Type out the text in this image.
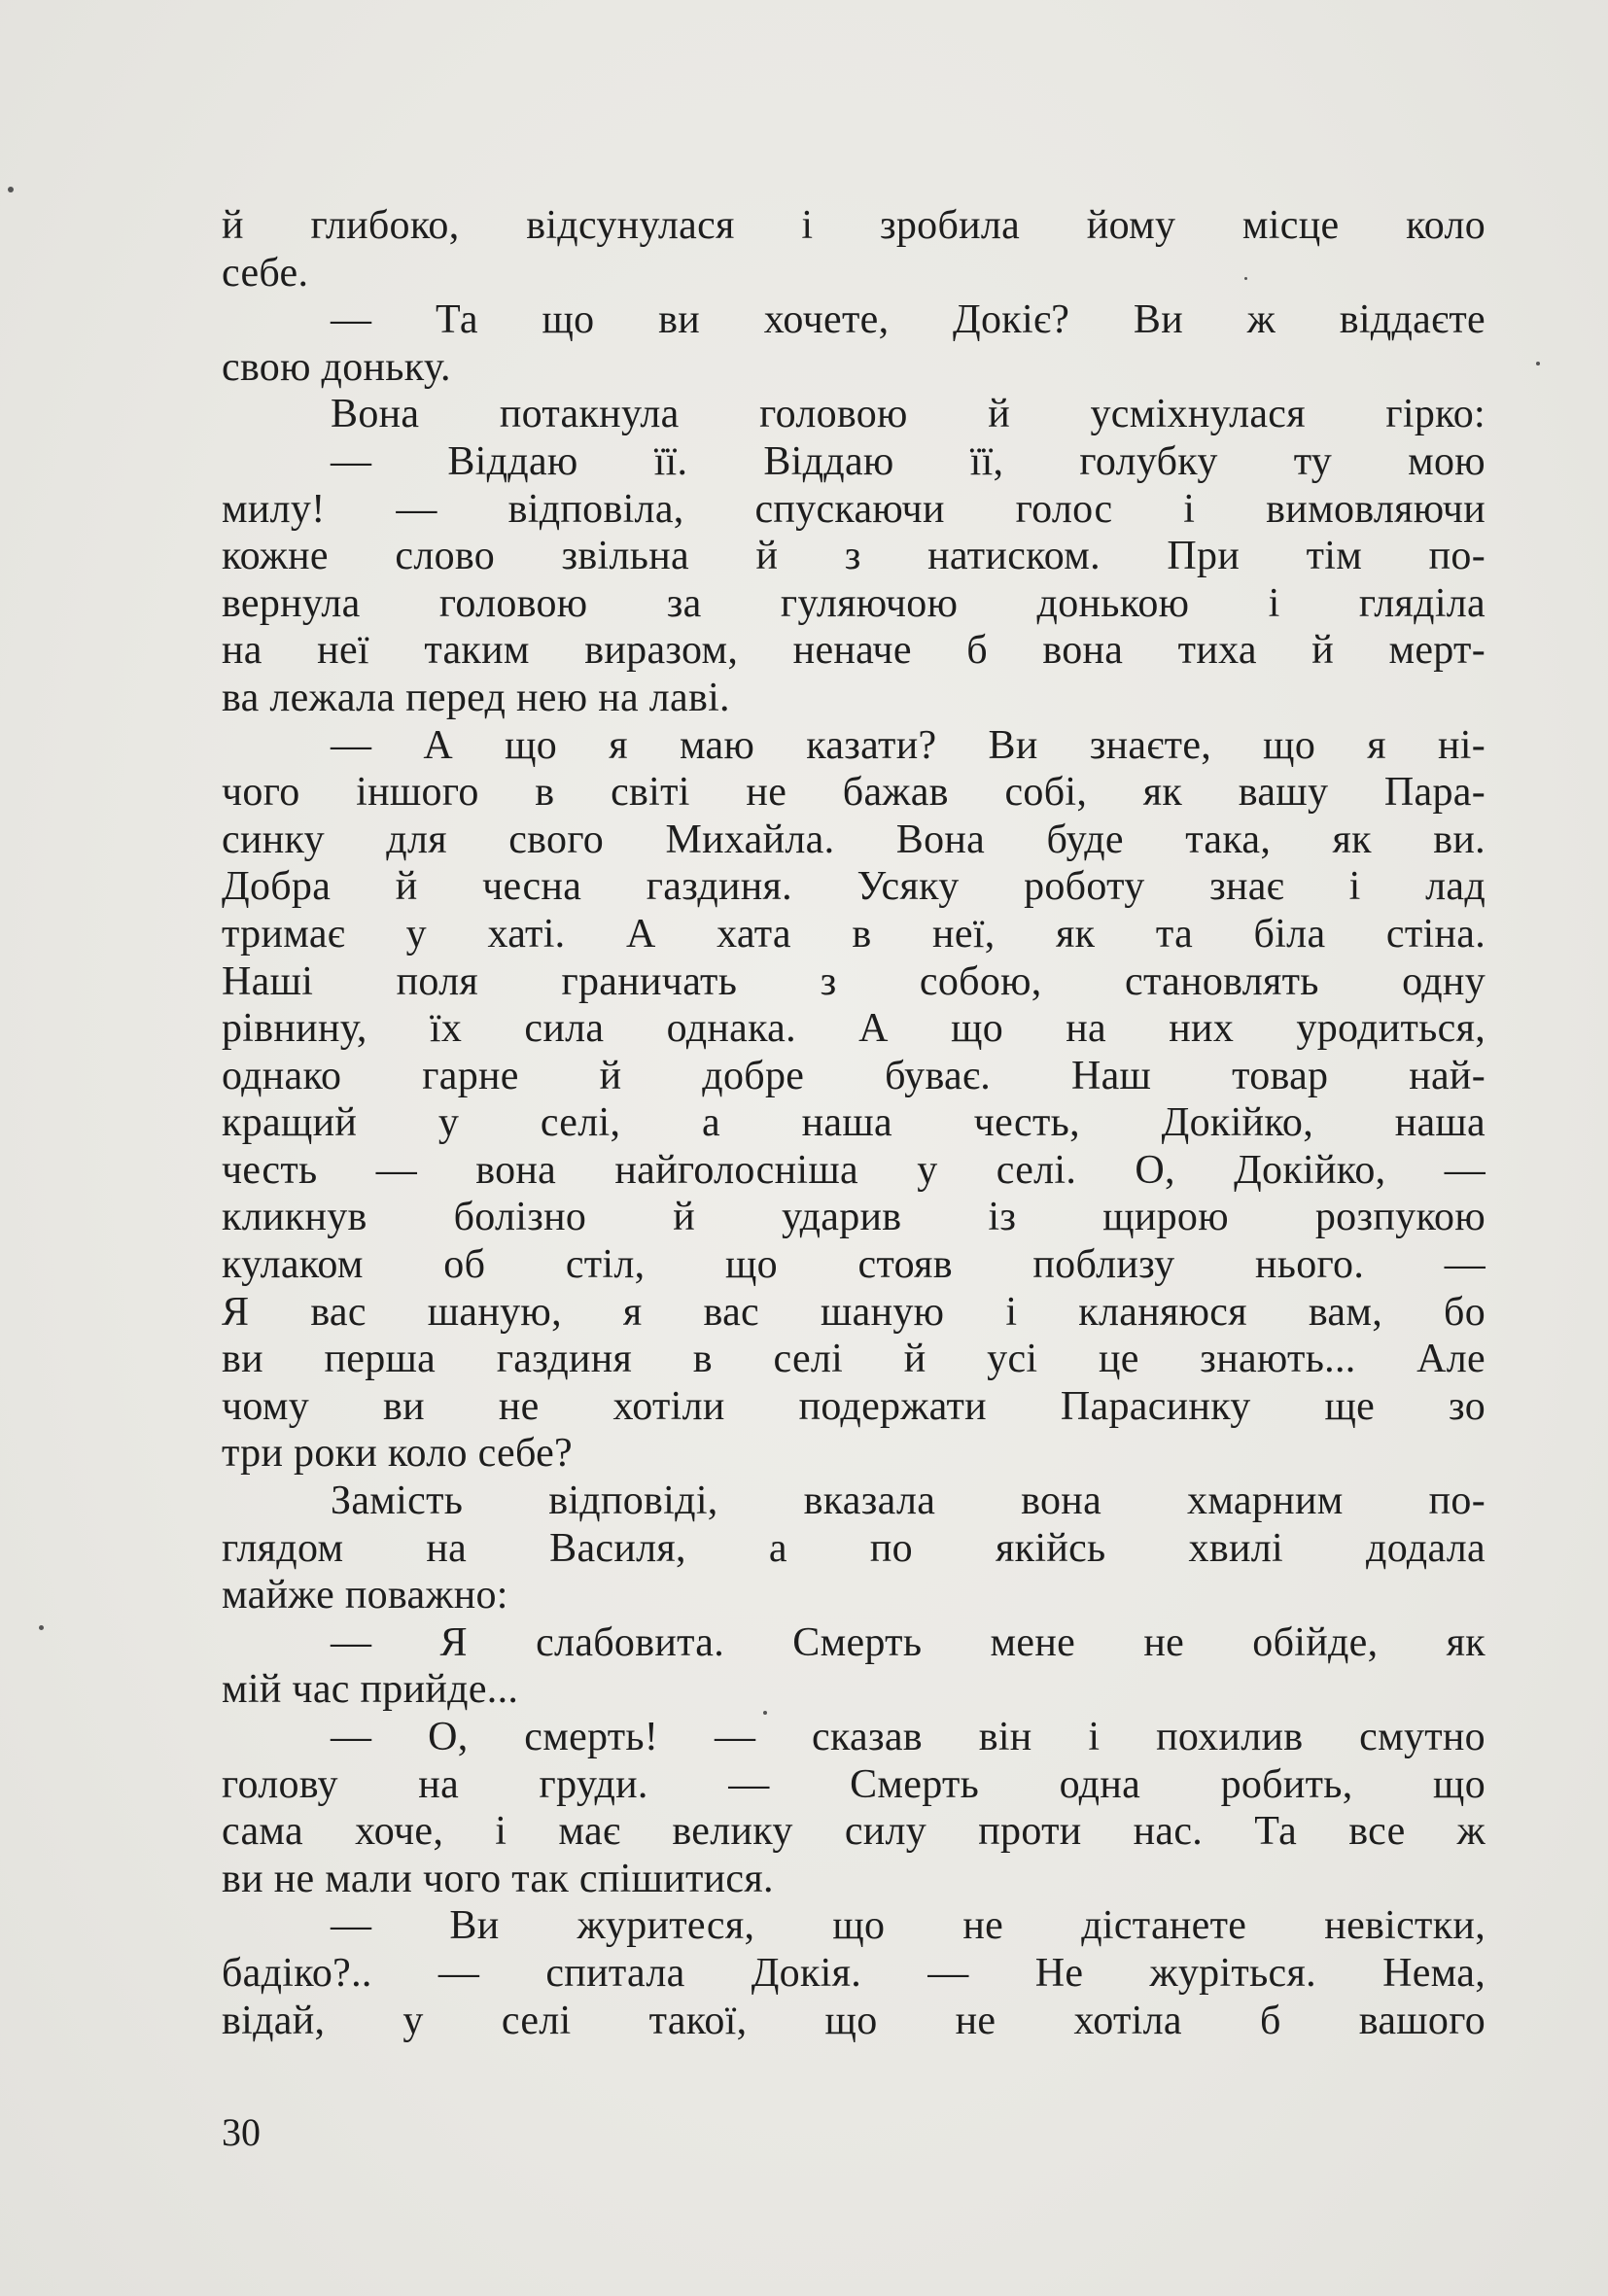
й глибоко, відсунулася і зробила йому місце коло
себе.
— Та що ви хочете, Докіє? Ви ж віддаєте
свою доньку.
Вона потакнула головою й усміхнулася гірко:
— Віддаю її. Віддаю її, голубку ту мою
милу! — відповіла, спускаючи голос і вимовляючи
кожне слово звільна й з натиском. При тім по-
вернула головою за гуляючою донькою і гляділа
на неї таким виразом, неначе б вона тиха й мерт-
ва лежала перед нею на лаві.
— А що я маю казати? Ви знаєте, що я ні-
чого іншого в світі не бажав собі, як вашу Пара-
синку для свого Михайла. Вона буде така, як ви.
Добра й чесна газдиня. Усяку роботу знає і лад
тримає у хаті. А хата в неї, як та біла стіна.
Наші поля граничать з собою, становлять одну
рівнину, їх сила однака. А що на них уродиться,
однако гарне й добре буває. Наш товар най-
кращий у селі, а наша честь, Докійко, наша
честь — вона найголосніша у селі. О, Докійко, —
кликнув болізно й ударив із щирою розпукою
кулаком об стіл, що стояв поблизу нього. —
Я вас шаную, я вас шаную і кланяюся вам, бо
ви перша газдиня в селі й усі це знають... Але
чому ви не хотіли подержати Парасинку ще зо
три роки коло себе?
Замість відповіді, вказала вона хмарним по-
глядом на Василя, а по якійсь хвилі додала
майже поважно:
— Я слабовита. Смерть мене не обійде, як
мій час прийде...
— О, смерть! — сказав він і похилив смутно
голову на груди. — Смерть одна робить, що
сама хоче, і має велику силу проти нас. Та все ж
ви не мали чого так спішитися.
— Ви журитеся, що не дістанете невістки,
бадіко?.. — спитала Докія. — Не журіться. Нема,
відай, у селі такої, що не хотіла б вашого
30
